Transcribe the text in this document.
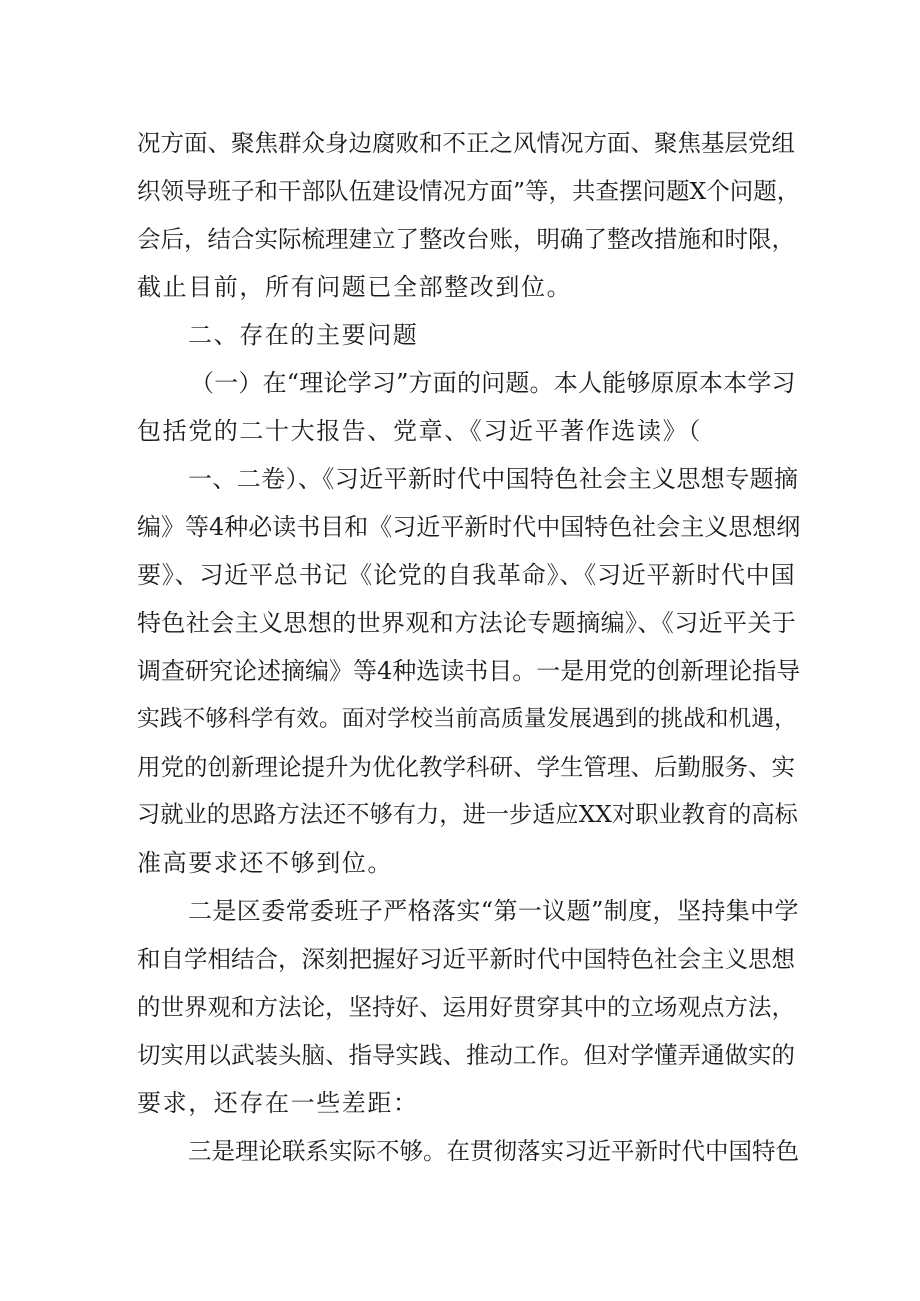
况方面、聚焦群众身边腐败和不正之风情况方面、聚焦基层党组
织领导班子和干部队伍建设情况方面”等，共查摆问题X个问题，
会后，结合实际梳理建立了整改台账，明确了整改措施和时限，
截止目前，所有问题已全部整改到位。
二、存在的主要问题
（一）在“理论学习”方面的问题。本人能够原原本本学习
包括党的二十大报告、党章、《习近平著作选读》（
一、二卷）、《习近平新时代中国特色社会主义思想专题摘
编》等4种必读书目和《习近平新时代中国特色社会主义思想纲
要》、习近平总书记《论党的自我革命》、《习近平新时代中国
特色社会主义思想的世界观和方法论专题摘编》、《习近平关于
调查研究论述摘编》等4种选读书目。一是用党的创新理论指导
实践不够科学有效。面对学校当前高质量发展遇到的挑战和机遇，
用党的创新理论提升为优化教学科研、学生管理、后勤服务、实
习就业的思路方法还不够有力，进一步适应XX对职业教育的高标
准高要求还不够到位。
二是区委常委班子严格落实“第一议题”制度，坚持集中学
和自学相结合，深刻把握好习近平新时代中国特色社会主义思想
的世界观和方法论，坚持好、运用好贯穿其中的立场观点方法，
切实用以武装头脑、指导实践、推动工作。但对学懂弄通做实的
要求，还存在一些差距：
三是理论联系实际不够。在贯彻落实习近平新时代中国特色
